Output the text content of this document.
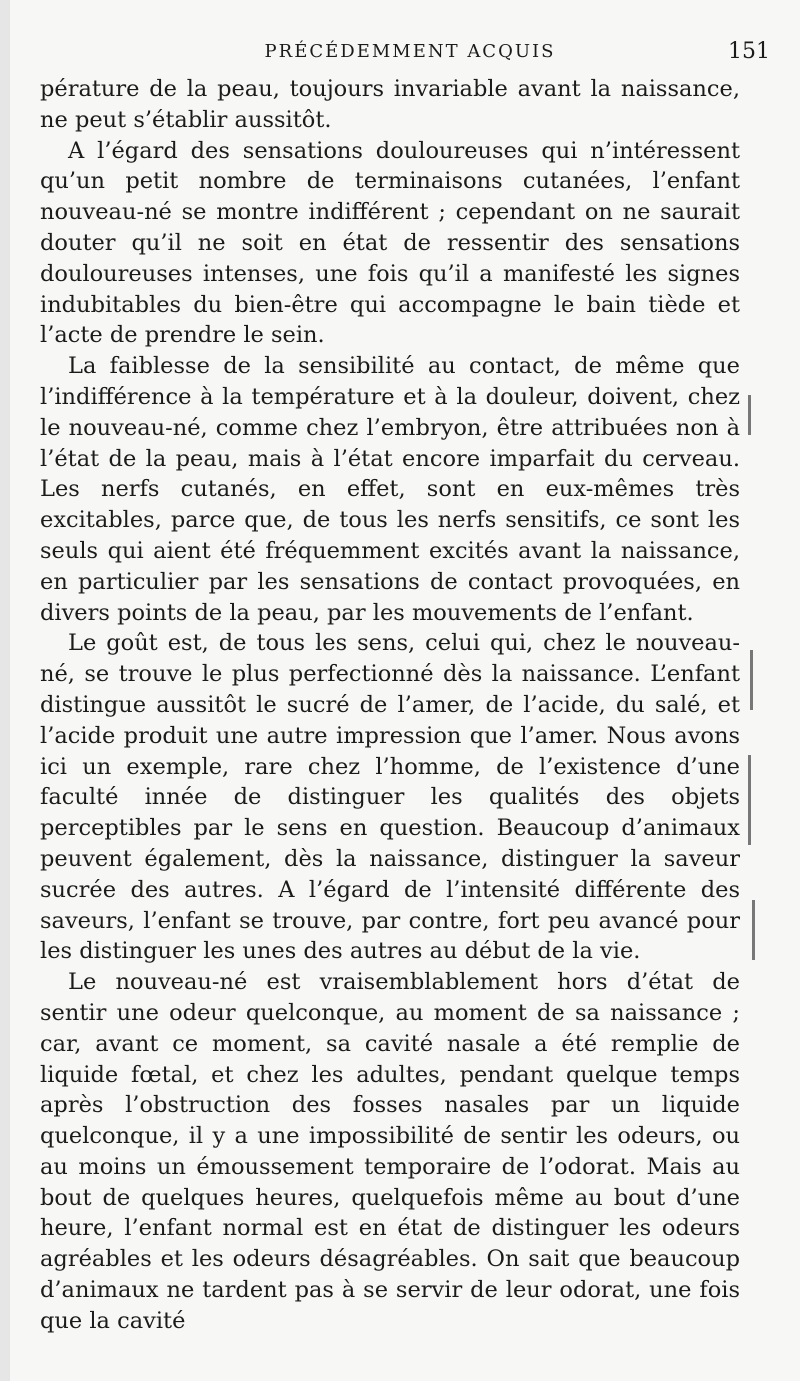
PRÉCÉDEMMENT ACQUIS	151

pérature de la peau, toujours invariable avant la naissance, ne peut s’établir aussitôt.

A l’égard des sensations douloureuses qui n’intéressent qu’un petit nombre de terminaisons cutanées, l’enfant nouveau-né se montre indifférent ; cependant on ne saurait douter qu’il ne soit en état de ressentir des sensations douloureuses intenses, une fois qu’il a manifesté les signes indubitables du bien-être qui accompagne le bain tiède et l’acte de prendre le sein.

La faiblesse de la sensibilité au contact, de même que l’indifférence à la température et à la douleur, doivent, chez le nouveau-né, comme chez l’embryon, être attribuées non à l’état de la peau, mais à l’état encore imparfait du cerveau. Les nerfs cutanés, en effet, sont en eux-mêmes très excitables, parce que, de tous les nerfs sensitifs, ce sont les seuls qui aient été fréquemment excités avant la naissance, en particulier par les sensations de contact provoquées, en divers points de la peau, par les mouvements de l’enfant.

Le goût est, de tous les sens, celui qui, chez le nouveau-né, se trouve le plus perfectionné dès la naissance. L’enfant distingue aussitôt le sucré de l’amer, de l’acide, du salé, et l’acide produit une autre impression que l’amer. Nous avons ici un exemple, rare chez l’homme, de l’existence d’une faculté innée de distinguer les qualités des objets perceptibles par le sens en question. Beaucoup d’animaux peuvent également, dès la naissance, distinguer la saveur sucrée des autres. A l’égard de l’intensité différente des saveurs, l’enfant se trouve, par contre, fort peu avancé pour les distinguer les unes des autres au début de la vie.

Le nouveau-né est vraisemblablement hors d’état de sentir une odeur quelconque, au moment de sa naissance ; car, avant ce moment, sa cavité nasale a été remplie de liquide fœtal, et chez les adultes, pendant quelque temps après l’obstruction des fosses nasales par un liquide quelconque, il y a une impossibilité de sentir les odeurs, ou au moins un émoussement temporaire de l’odorat. Mais au bout de quelques heures, quelquefois même au bout d’une heure, l’enfant normal est en état de distinguer les odeurs agréables et les odeurs désagréables. On sait que beaucoup d’animaux ne tardent pas à se servir de leur odorat, une fois que la cavité
